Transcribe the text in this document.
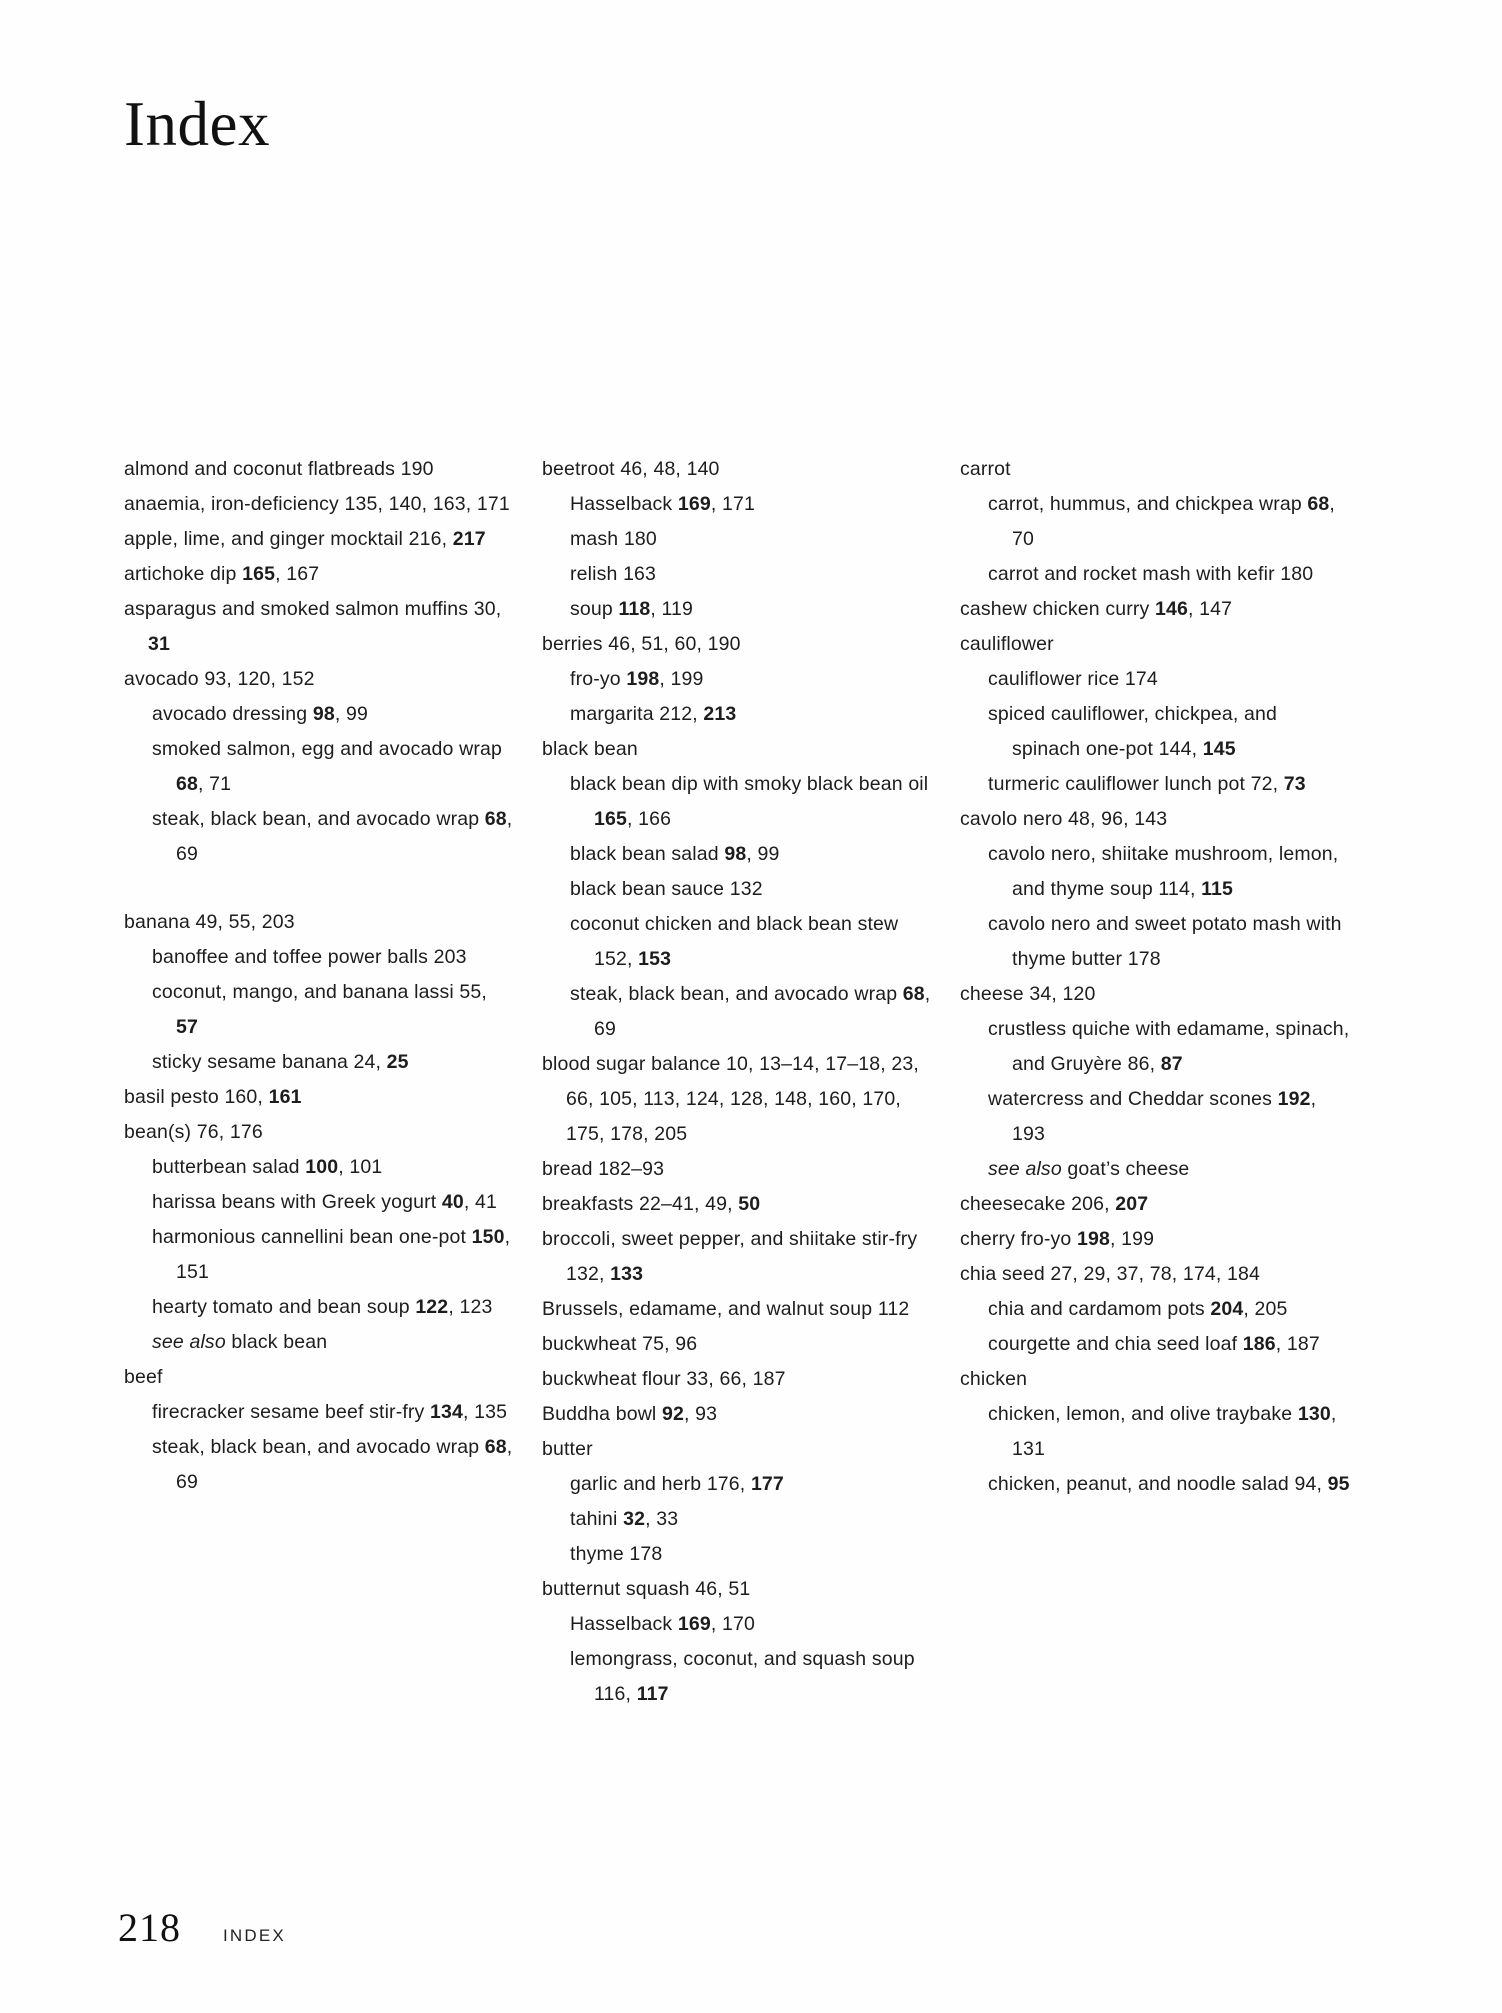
Index

almond and coconut flatbreads 190

anaemia, iron-deficiency 135, 140, 163, 171

apple, lime, and ginger mocktail 216, 217

artichoke dip 165, 167

asparagus and smoked salmon muffins 30, 31

avocado 93, 120, 152

avocado dressing 98, 99

smoked salmon, egg and avocado wrap 68, 71

steak, black bean, and avocado wrap 68, 69

banana 49, 55, 203

banoffee and toffee power balls 203

coconut, mango, and banana lassi 55, 57

sticky sesame banana 24, 25

basil pesto 160, 161

bean(s) 76, 176

butterbean salad 100, 101

harissa beans with Greek yogurt 40, 41

harmonious cannellini bean one-pot 150, 151

hearty tomato and bean soup 122, 123

see also black bean

beef

firecracker sesame beef stir-fry 134, 135

steak, black bean, and avocado wrap 68, 69

beetroot 46, 48, 140

Hasselback 169, 171

mash 180

relish 163

soup 118, 119

berries 46, 51, 60, 190

fro-yo 198, 199

margarita 212, 213

black bean

black bean dip with smoky black bean oil 165, 166

black bean salad 98, 99

black bean sauce 132

coconut chicken and black bean stew 152, 153

steak, black bean, and avocado wrap 68, 69

blood sugar balance 10, 13–14, 17–18, 23, 66, 105, 113, 124, 128, 148, 160, 170, 175, 178, 205

bread 182–93

breakfasts 22–41, 49, 50

broccoli, sweet pepper, and shiitake stir-fry 132, 133

Brussels, edamame, and walnut soup 112

buckwheat 75, 96

buckwheat flour 33, 66, 187

Buddha bowl 92, 93

butter

garlic and herb 176, 177

tahini 32, 33

thyme 178

butternut squash 46, 51

Hasselback 169, 170

lemongrass, coconut, and squash soup 116, 117

carrot

carrot, hummus, and chickpea wrap 68, 70

carrot and rocket mash with kefir 180

cashew chicken curry 146, 147

cauliflower

cauliflower rice 174

spiced cauliflower, chickpea, and spinach one-pot 144, 145

turmeric cauliflower lunch pot 72, 73

cavolo nero 48, 96, 143

cavolo nero, shiitake mushroom, lemon, and thyme soup 114, 115

cavolo nero and sweet potato mash with thyme butter 178

cheese 34, 120

crustless quiche with edamame, spinach, and Gruyère 86, 87

watercress and Cheddar scones 192, 193

see also goat’s cheese

cheesecake 206, 207

cherry fro-yo 198, 199

chia seed 27, 29, 37, 78, 174, 184

chia and cardamom pots 204, 205

courgette and chia seed loaf 186, 187

chicken

chicken, lemon, and olive traybake 130, 131

chicken, peanut, and noodle salad 94, 95

218 INDEX
